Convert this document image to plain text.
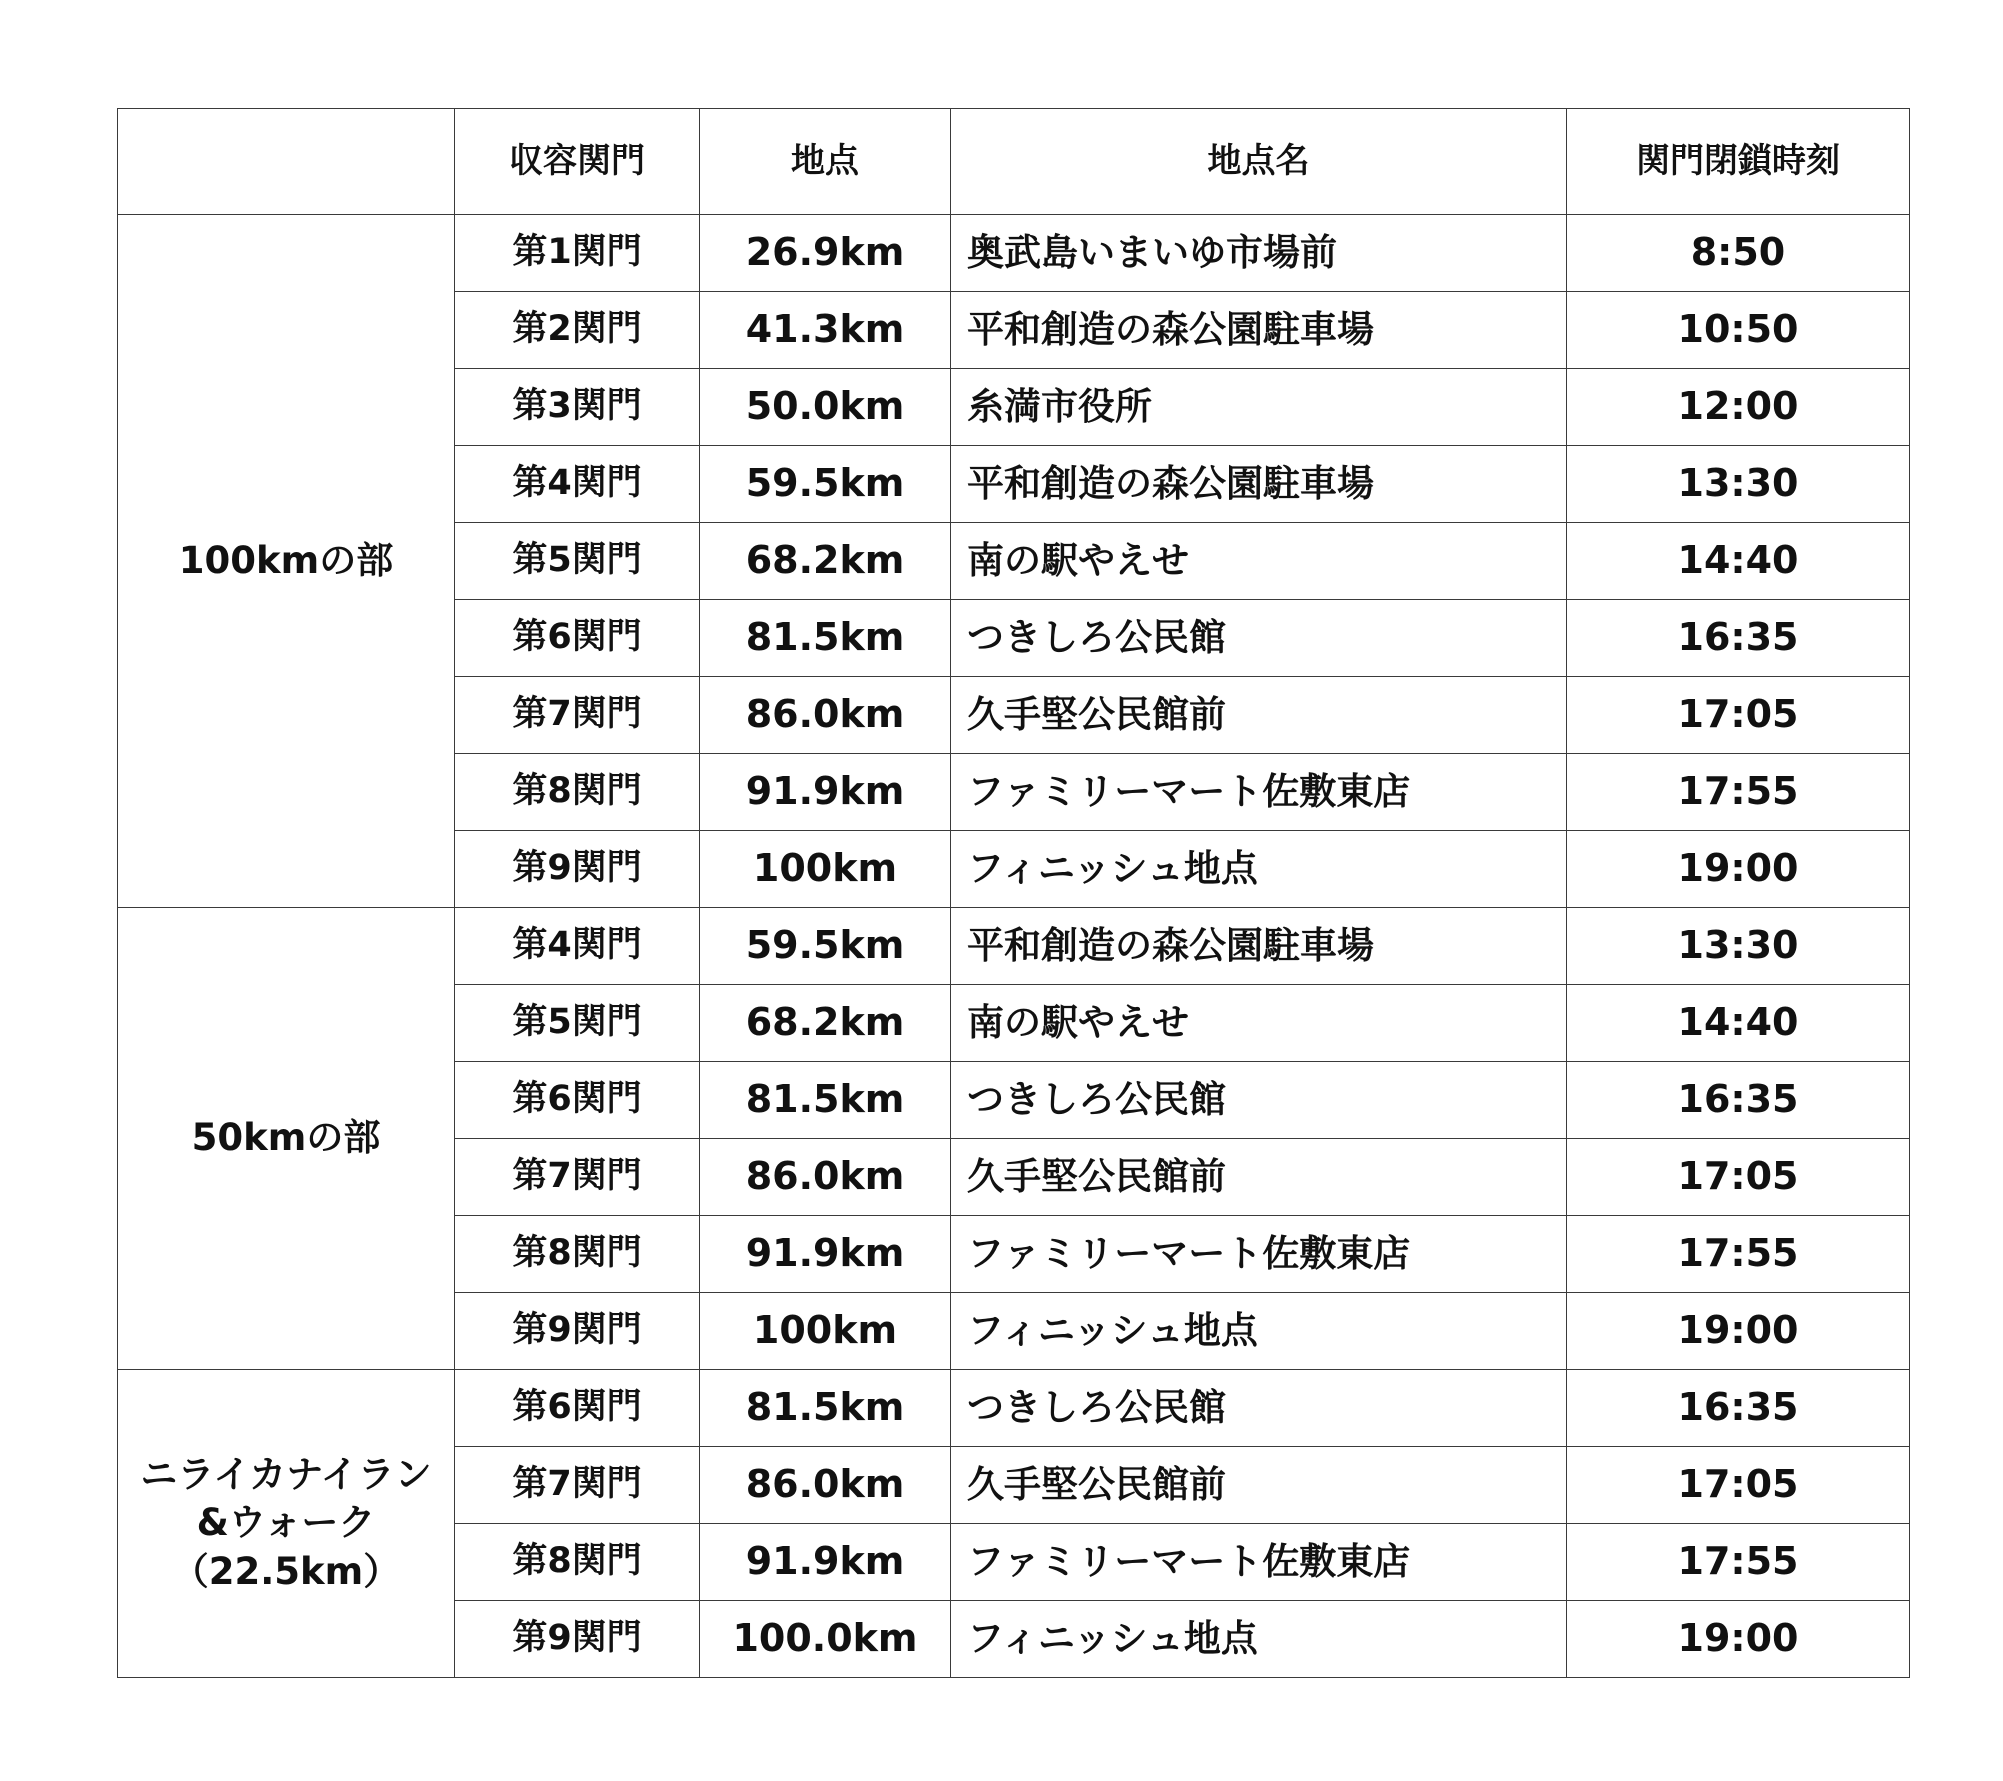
	収容関門	地点	地点名	関門閉鎖時刻

100kmの部	第1関門	26.9km	奥武島いまいゆ市場前	8:50
	第2関門	41.3km	平和創造の森公園駐車場	10:50
	第3関門	50.0km	糸満市役所	12:00
	第4関門	59.5km	平和創造の森公園駐車場	13:30
	第5関門	68.2km	南の駅やえせ	14:40
	第6関門	81.5km	つきしろ公民館	16:35
	第7関門	86.0km	久手堅公民館前	17:05
	第8関門	91.9km	ファミリーマート佐敷東店	17:55
	第9関門	100km	フィニッシュ地点	19:00

50kmの部	第4関門	59.5km	平和創造の森公園駐車場	13:30
	第5関門	68.2km	南の駅やえせ	14:40
	第6関門	81.5km	つきしろ公民館	16:35
	第7関門	86.0km	久手堅公民館前	17:05
	第8関門	91.9km	ファミリーマート佐敷東店	17:55
	第9関門	100km	フィニッシュ地点	19:00

ニライカナイラン
&ウォーク
（22.5km）	第6関門	81.5km	つきしろ公民館	16:35
	第7関門	86.0km	久手堅公民館前	17:05
	第8関門	91.9km	ファミリーマート佐敷東店	17:55
	第9関門	100.0km	フィニッシュ地点	19:00
